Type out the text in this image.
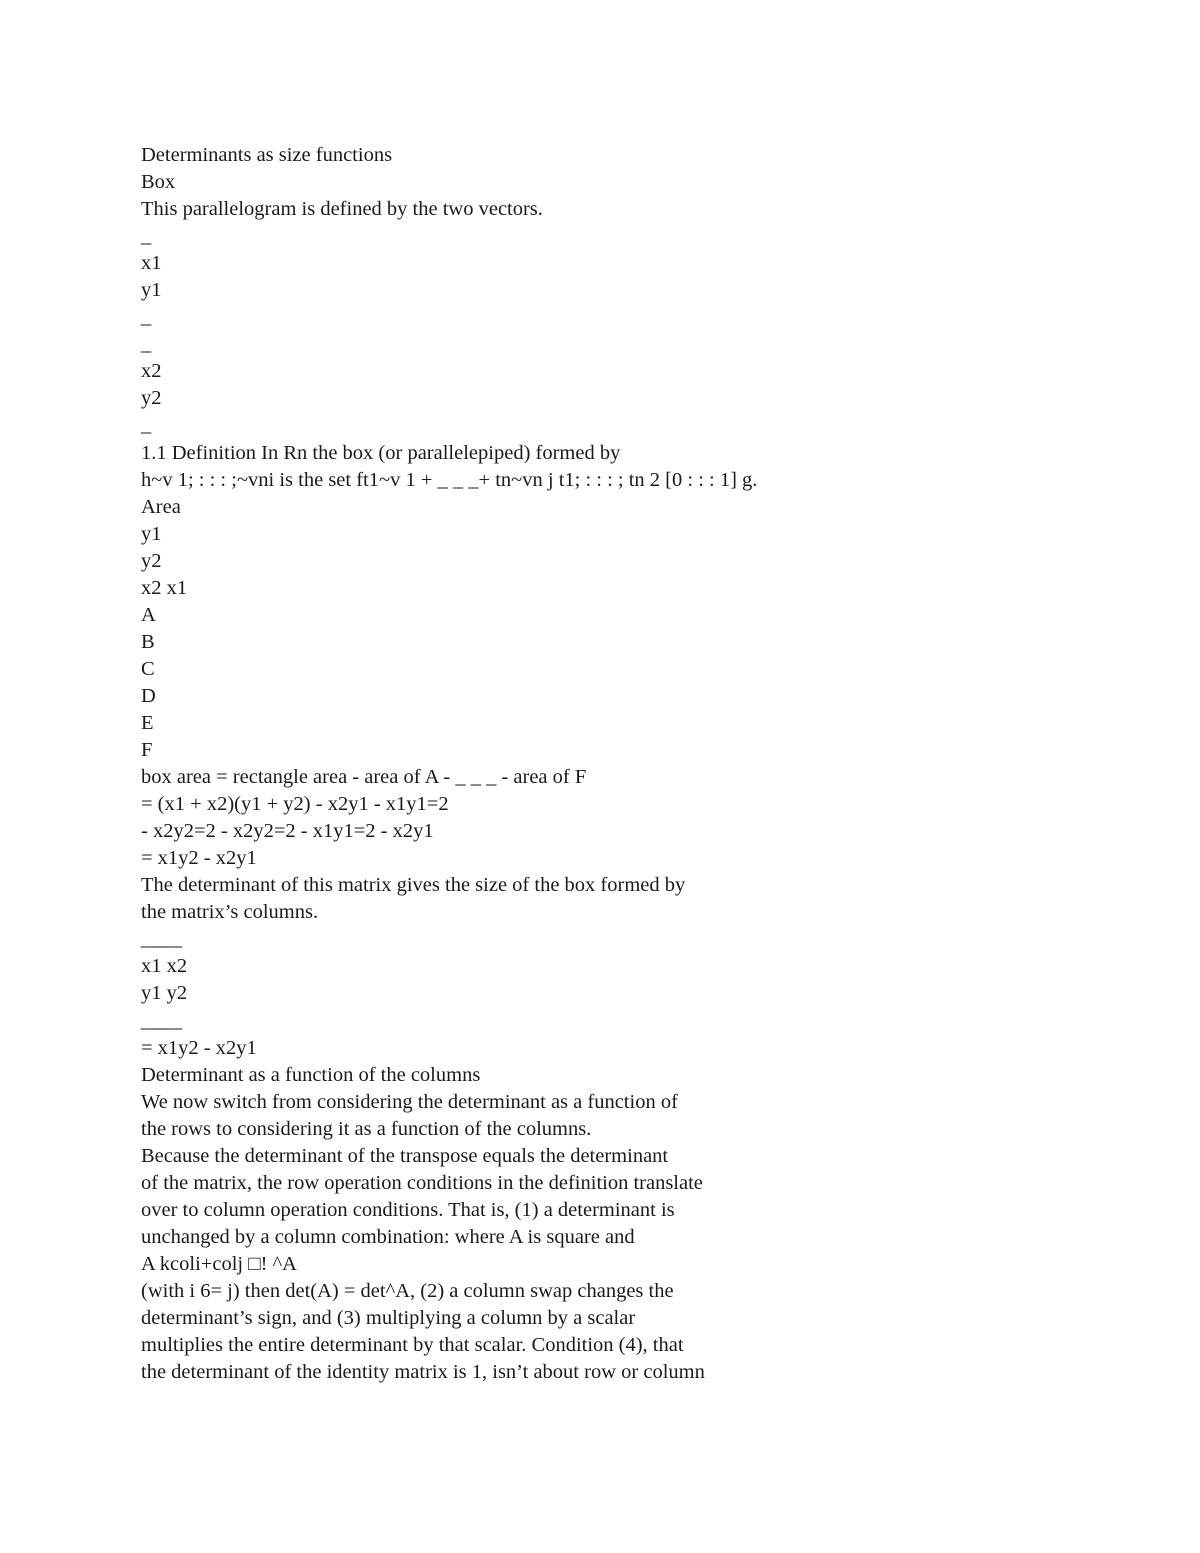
Determinants as size functions
Box
This parallelogram is defined by the two vectors.
_
x1
y1
_
_
x2
y2
_
1.1 Definition In Rn the box (or parallelepiped) formed by
h~v 1; : : : ;~vni is the set ft1~v 1 + _ _ _+ tn~vn j t1; : : : ; tn 2 [0 : : : 1] g.
Area
y1
y2
x2 x1
A
B
C
D
E
F
box area = rectangle area - area of A - _ _ _ - area of F
= (x1 + x2)(y1 + y2) - x2y1 - x1y1=2
- x2y2=2 - x2y2=2 - x1y1=2 - x2y1
= x1y2 - x2y1
The determinant of this matrix gives the size of the box formed by
the matrix’s columns.
____
x1 x2
y1 y2
____
= x1y2 - x2y1
Determinant as a function of the columns
We now switch from considering the determinant as a function of
the rows to considering it as a function of the columns.
Because the determinant of the transpose equals the determinant
of the matrix, the row operation conditions in the definition translate
over to column operation conditions. That is, (1) a determinant is
unchanged by a column combination: where A is square and
A kcoli+colj □! ^A
(with i 6= j) then det(A) = det^A, (2) a column swap changes the
determinant’s sign, and (3) multiplying a column by a scalar
multiplies the entire determinant by that scalar. Condition (4), that
the determinant of the identity matrix is 1, isn’t about row or column
